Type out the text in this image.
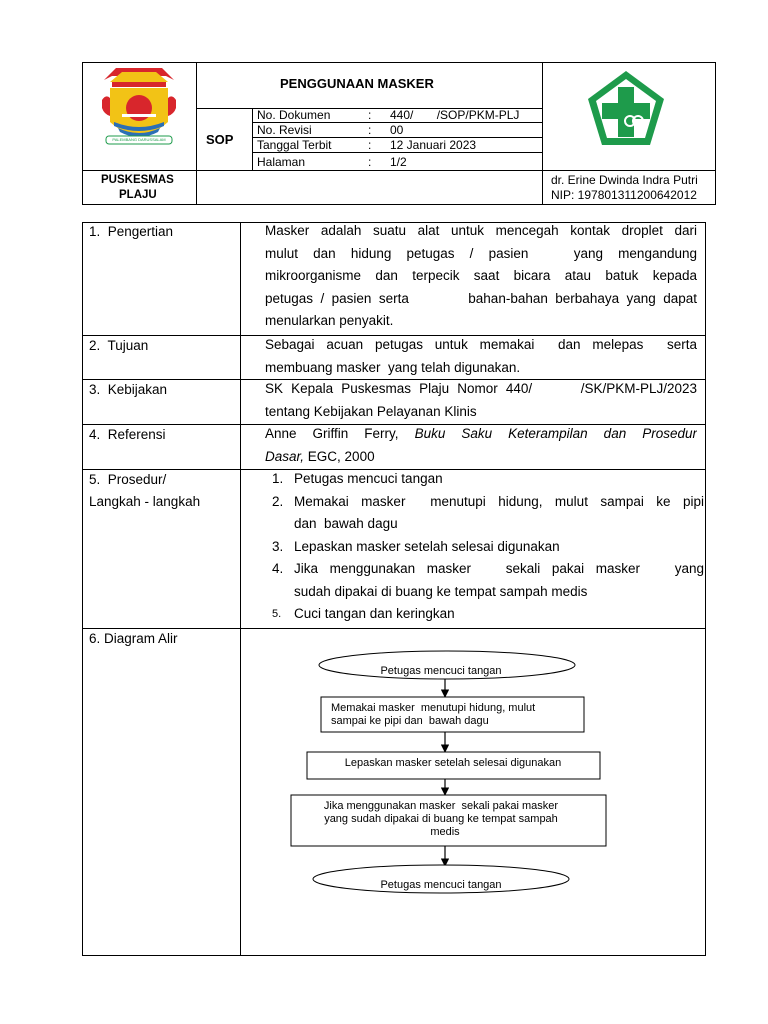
PALEMBANG DARUSSALAM
PENGGUNAAN MASKER
SOP
No. Dokumen	: 440/       /SOP/PKM-PLJ
No. Revisi	: 00
Tanggal Terbit	: 12 Januari 2023
Halaman	: 1/2
PUSKESMAS
PLAJU
dr. Erine Dwinda Indra Putri
NIP: 197801311200642012
1.  Pengertian	Masker adalah suatu alat untuk mencegah kontak droplet dari
mulut dan hidung petugas / pasien   yang mengandung
mikroorganisme dan terpecik saat bicara atau batuk kepada
petugas / pasien serta        bahan-bahan berbahaya yang dapat
menularkan penyakit.
2.  Tujuan	Sebagai acuan petugas untuk memakai  dan melepas  serta
membuang masker  yang telah digunakan.
3.  Kebijakan	SK Kepala Puskesmas Plaju Nomor 440/      /SK/PKM-PLJ/2023
tentang Kebijakan Pelayanan Klinis
4.  Referensi	Anne Griffin Ferry, Buku Saku Keterampilan dan Prosedur
Dasar, EGC, 2000
5.  Prosedur/
Langkah - langkah
1. Petugas mencuci tangan
2. Memakai masker  menutupi hidung, mulut sampai ke pipi
dan  bawah dagu
3. Lepaskan masker setelah selesai digunakan
4. Jika menggunakan masker   sekali pakai masker   yang
sudah dipakai di buang ke tempat sampah medis
5. Cuci tangan dan keringkan
6. Diagram Alir
Petugas mencuci tangan
Memakai masker  menutupi hidung, mulut
sampai ke pipi dan  bawah dagu
Lepaskan masker setelah selesai digunakan
Jika menggunakan masker  sekali pakai masker
yang sudah dipakai di buang ke tempat sampah
medis
Petugas mencuci tangan
